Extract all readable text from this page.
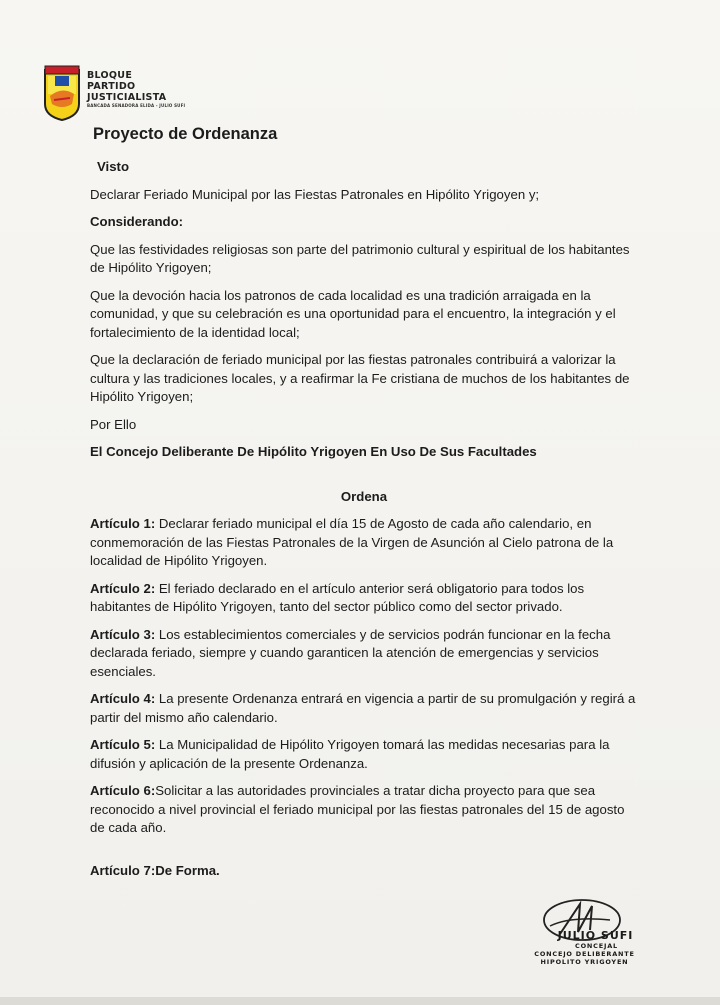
BLOQUE
PARTIDO
JUSTICIALISTA
BANCADA SENADORA ELIDA - JULIO SUFI
Proyecto de Ordenanza
Visto

Declarar Feriado Municipal por las Fiestas Patronales en Hipólito Yrigoyen y;

Considerando:

Que las festividades religiosas son parte del patrimonio cultural y espiritual de los habitantes de Hipólito Yrigoyen;

Que la devoción hacia los patronos de cada localidad es una tradición arraigada en la comunidad, y que su celebración es una oportunidad para el encuentro, la integración y el fortalecimiento de la identidad local;

Que la declaración de feriado municipal por las fiestas patronales contribuirá a valorizar la cultura y las tradiciones locales, y a reafirmar la Fe cristiana de muchos de los habitantes de Hipólito Yrigoyen;

Por Ello

El Concejo Deliberante De Hipólito Yrigoyen En Uso De Sus Facultades

Ordena

Artículo 1: Declarar feriado municipal el día 15 de Agosto de cada año calendario, en conmemoración de las Fiestas Patronales de la Virgen de Asunción al Cielo patrona de la localidad de Hipólito Yrigoyen.

Artículo 2: El feriado declarado en el artículo anterior será obligatorio para todos los habitantes de Hipólito Yrigoyen, tanto del sector público como del sector privado.

Artículo 3: Los establecimientos comerciales y de servicios podrán funcionar en la fecha declarada feriado, siempre y cuando garanticen la atención de emergencias y servicios esenciales.

Artículo 4: La presente Ordenanza entrará en vigencia a partir de su promulgación y regirá a partir del mismo año calendario.

Artículo 5: La Municipalidad de Hipólito Yrigoyen tomará las medidas necesarias para la difusión y aplicación de la presente Ordenanza.

Artículo 6:Solicitar a las autoridades provinciales a tratar dicha proyecto para que sea reconocido a nivel provincial el feriado municipal por las fiestas patronales del 15 de agosto de cada año.

Artículo 7:De Forma.

JULIO SUFI
CONCEJAL
CONCEJO DELIBERANTE
HIPOLITO YRIGOYEN
